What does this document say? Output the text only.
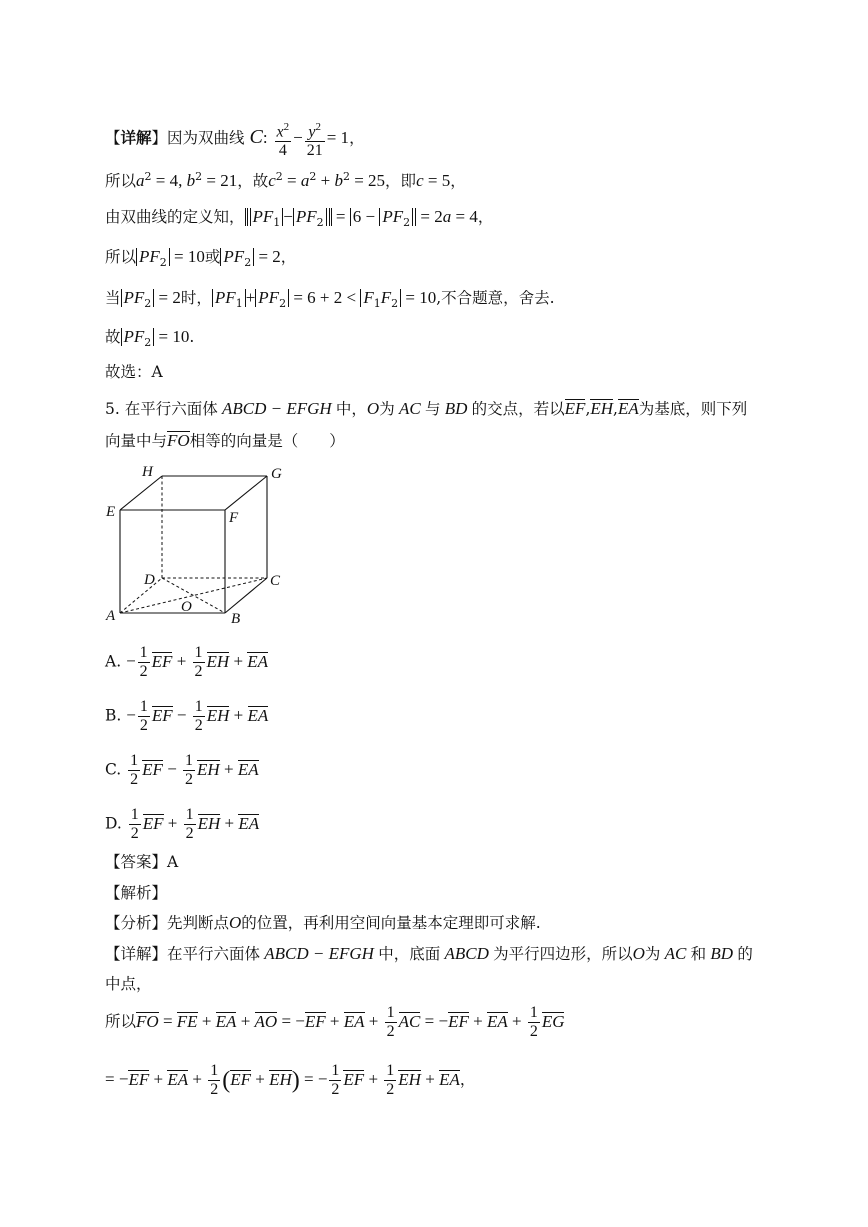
【详解】因为双曲线 C: $\frac{x^2}{4} - \frac{y^2}{21} = 1$，
所以$a^2 = 4$, $b^2 = 21$，故$c^2 = a^2 + b^2 = 25$，即c = 5，
由双曲线的定义知， $PF_1 - PF_2 = 6 - PF_2 = 2a = 4$，
所以 $PF_2 = 10$或 $PF_2 = 2$，
当 $PF_2 = 2$时， $PF_1 + PF_2 = 6 + 2 < F_1F_2 = 10$,不合题意，舍去.
故 $PF_2 = 10$.
故选：A
5. 在平行六面体 ABCD − EFGH 中，O为 AC 与 BD 的交点，若以EF,EH,EA为基底，则下列
向量中与FO相等的向量是（　　）
H	G
E	F
D	C
A	B
O
A. − $\frac{1}{2}$ EF + $\frac{1}{2}$ EH + EA
B. − $\frac{1}{2}$ EF − $\frac{1}{2}$ EH + EA
C. $\frac{1}{2}$ EF − $\frac{1}{2}$ EH + EA
D. $\frac{1}{2}$ EF + $\frac{1}{2}$ EH + EA
【答案】A
【解析】
【分析】先判断点O的位置，再利用空间向量基本定理即可求解.
【详解】在平行六面体 ABCD − EFGH 中，底面 ABCD 为平行四边形，所以O为 AC 和 BD 的
中点，
所以FO = FE + EA + AO = −EF + EA + $\frac{1}{2}$ AC = −EF + EA + $\frac{1}{2}$ EG
= −EF + EA + $\frac{1}{2} (EF + EH)$ = − $\frac{1}{2}$ EF + $\frac{1}{2}$ EH + EA，
